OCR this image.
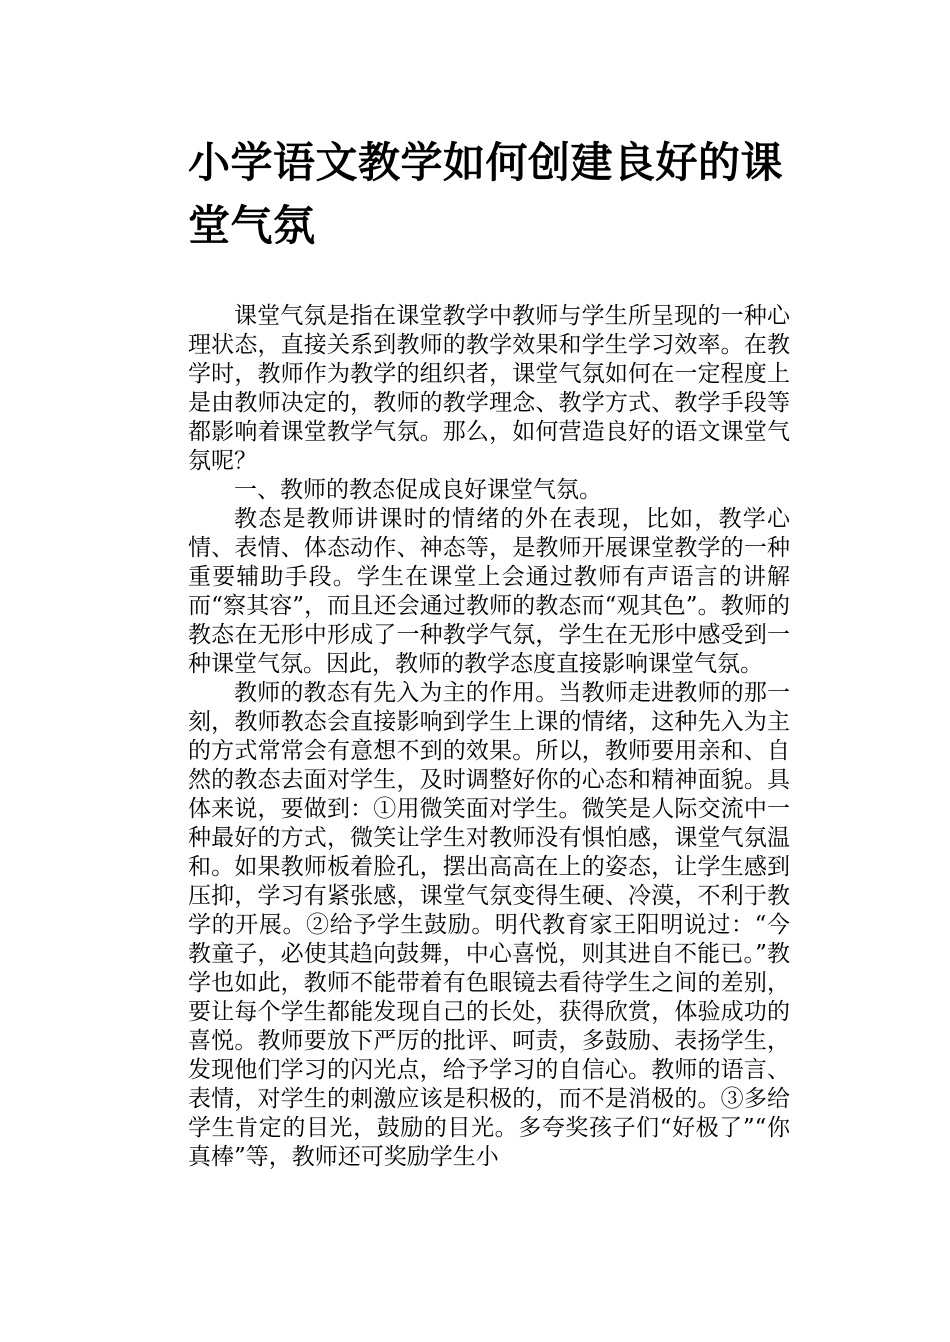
小学语文教学如何创建良好的课堂气氛

课堂气氛是指在课堂教学中教师与学生所呈现的一种心理状态，直接关系到教师的教学效果和学生学习效率。在教学时，教师作为教学的组织者，课堂气氛如何在一定程度上是由教师决定的，教师的教学理念、教学方式、教学手段等都影响着课堂教学气氛。那么，如何营造良好的语文课堂气氛呢？

一、教师的教态促成良好课堂气氛。

教态是教师讲课时的情绪的外在表现，比如，教学心情、表情、体态动作、神态等，是教师开展课堂教学的一种重要辅助手段。学生在课堂上会通过教师有声语言的讲解而“察其容”，而且还会通过教师的教态而“观其色”。教师的教态在无形中形成了一种教学气氛，学生在无形中感受到一种课堂气氛。因此，教师的教学态度直接影响课堂气氛。

教师的教态有先入为主的作用。当教师走进教师的那一刻，教师教态会直接影响到学生上课的情绪，这种先入为主的方式常常会有意想不到的效果。所以，教师要用亲和、自然的教态去面对学生，及时调整好你的心态和精神面貌。具体来说，要做到：①用微笑面对学生。微笑是人际交流中一种最好的方式，微笑让学生对教师没有惧怕感，课堂气氛温和。如果教师板着脸孔，摆出高高在上的姿态，让学生感到压抑，学习有紧张感，课堂气氛变得生硬、冷漠，不利于教学的开展。②给予学生鼓励。明代教育家王阳明说过：“今教童子，必使其趋向鼓舞，中心喜悦，则其进自不能已。”教学也如此，教师不能带着有色眼镜去看待学生之间的差别，要让每个学生都能发现自己的长处，获得欣赏，体验成功的喜悦。教师要放下严厉的批评、呵责，多鼓励、表扬学生，发现他们学习的闪光点，给予学习的自信心。教师的语言、表情，对学生的刺激应该是积极的，而不是消极的。③多给学生肯定的目光，鼓励的目光。多夸奖孩子们“好极了”“你真棒”等，教师还可奖励学生小
